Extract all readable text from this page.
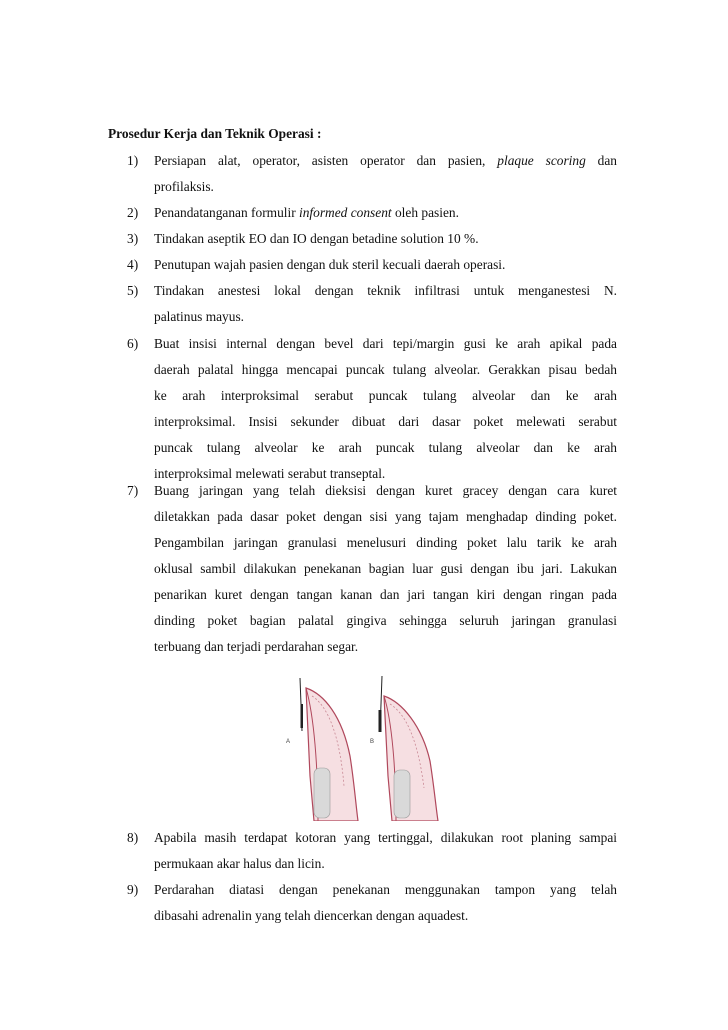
Prosedur Kerja dan Teknik Operasi :
1) Persiapan alat, operator, asisten operator dan pasien, plaque scoring dan
profilaksis.
2) Penandatanganan formulir informed consent oleh pasien.
3) Tindakan aseptik EO dan IO dengan betadine solution 10 %.
4) Penutupan wajah pasien dengan duk steril kecuali daerah operasi.
5) Tindakan anestesi lokal dengan teknik infiltrasi untuk menganestesi N.
palatinus mayus.
6) Buat insisi internal dengan bevel dari tepi/margin gusi ke arah apikal pada
daerah palatal hingga mencapai puncak tulang alveolar. Gerakkan pisau bedah
ke arah interproksimal serabut puncak tulang alveolar dan ke arah
interproksimal. Insisi sekunder dibuat dari dasar poket melewati serabut
puncak tulang alveolar ke arah puncak tulang alveolar dan ke arah
interproksimal melewati serabut transeptal.
7) Buang jaringan yang telah dieksisi dengan kuret gracey dengan cara kuret
diletakkan pada dasar poket dengan sisi yang tajam menghadap dinding poket.
Pengambilan jaringan granulasi menelusuri dinding poket lalu tarik ke arah
oklusal sambil dilakukan penekanan bagian luar gusi dengan ibu jari. Lakukan
penarikan kuret dengan tangan kanan dan jari tangan kiri dengan ringan pada
dinding poket bagian palatal gingiva sehingga seluruh jaringan granulasi
terbuang dan terjadi perdarahan segar.
A	B
8) Apabila masih terdapat kotoran yang tertinggal, dilakukan root planing sampai
permukaan akar halus dan licin.
9) Perdarahan diatasi dengan penekanan menggunakan tampon yang telah
dibasahi adrenalin yang telah diencerkan dengan aquadest.
